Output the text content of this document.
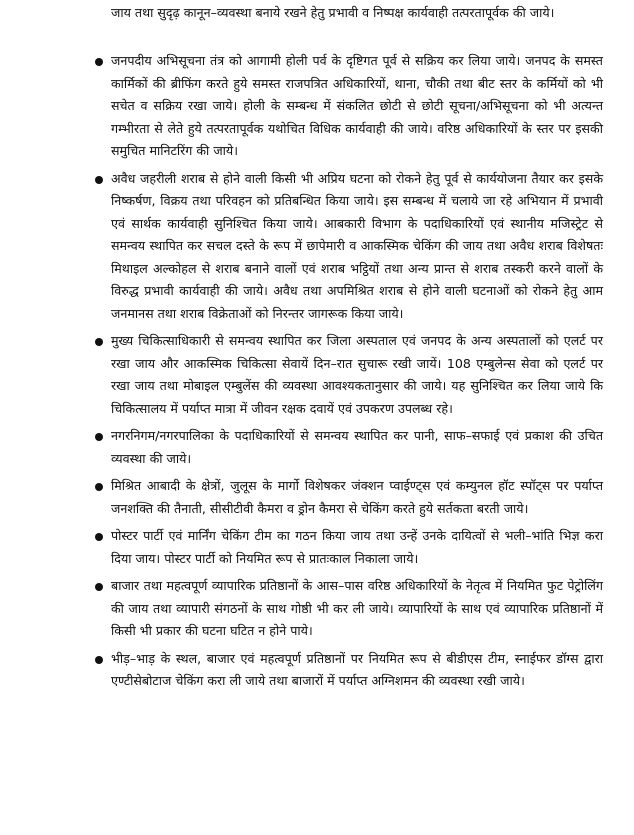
जाय तथा सुदृढ़ कानून–व्यवस्था बनाये रखने हेतु प्रभावी व निष्पक्ष कार्यवाही तत्परतापूर्वक की जाये।

जनपदीय अभिसूचना तंत्र को आगामी होली पर्व के दृष्टिगत पूर्व से सक्रिय कर लिया जाये। जनपद के समस्त कार्मिकों की ब्रीफिंग करते हुये समस्त राजपत्रित अधिकारियों, थाना, चौकी तथा बीट स्तर के कर्मियों को भी सचेत व सक्रिय रखा जाये। होली के सम्बन्ध में संकलित छोटी से छोटी सूचना/अभिसूचना को भी अत्यन्त गम्भीरता से लेते हुये तत्परतापूर्वक यथोचित विधिक कार्यवाही की जाये। वरिष्ठ अधिकारियों के स्तर पर इसकी समुचित मानिटरिंग की जाये।

अवैध जहरीली शराब से होने वाली किसी भी अप्रिय घटना को रोकने हेतु पूर्व से कार्ययोजना तैयार कर इसके निष्कर्षण, विक्रय तथा परिवहन को प्रतिबन्धित किया जाये। इस सम्बन्ध में चलाये जा रहे अभियान में प्रभावी एवं सार्थक कार्यवाही सुनिश्चित किया जाये। आबकारी विभाग के पदाधिकारियों एवं स्थानीय मजिस्ट्रेट से समन्वय स्थापित कर सचल दस्ते के रूप में छापेमारी व आकस्मिक चेकिंग की जाय तथा अवैध शराब विशेषतः मिथाइल अल्कोहल से शराब बनाने वालों एवं शराब भट्ठियों तथा अन्य प्रान्त से शराब तस्करी करने वालों के विरुद्ध प्रभावी कार्यवाही की जाये। अवैध तथा अपमिश्रित शराब से होने वाली घटनाओं को रोकने हेतु आम जनमानस तथा शराब विक्रेताओं को निरन्तर जागरूक किया जाये।

मुख्य चिकित्साधिकारी से समन्वय स्थापित कर जिला अस्पताल एवं जनपद के अन्य अस्पतालों को एलर्ट पर रखा जाय और आकस्मिक चिकित्सा सेवायें दिन–रात सुचारू रखी जायें। 108 एम्बुलेन्स सेवा को एलर्ट पर रखा जाय तथा मोबाइल एम्बुलेंस की व्यवस्था आवश्यकतानुसार की जाये। यह सुनिश्चित कर लिया जाये कि चिकित्सालय में पर्याप्त मात्रा में जीवन रक्षक दवायें एवं उपकरण उपलब्ध रहे।

नगरनिगम/नगरपालिका के पदाधिकारियों से समन्वय स्थापित कर पानी, साफ–सफाई एवं प्रकाश की उचित व्यवस्था की जाये।

मिश्रित आबादी के क्षेत्रों, जुलूस के मार्गो विशेषकर जंक्शन प्वाईण्ट्स एवं कम्युनल हॉट स्पॉट्स पर पर्याप्त जनशक्ति की तैनाती, सीसीटीवी कैमरा व ड्रोन कैमरा से चेकिंग करते हुये सर्तकता बरती जाये।

पोस्टर पार्टी एवं मार्निंग चेकिंग टीम का गठन किया जाय तथा उन्हें उनके दायित्वों से भली–भांति भिज्ञ करा दिया जाय। पोस्टर पार्टी को नियमित रूप से प्रातःकाल निकाला जाये।

बाजार तथा महत्वपूर्ण व्यापारिक प्रतिष्ठानों के आस–पास वरिष्ठ अधिकारियों के नेतृत्व में नियमित फुट पेट्रोलिंग की जाय तथा व्यापारी संगठनों के साथ गोष्ठी भी कर ली जाये। व्यापारियों के साथ एवं व्यापारिक प्रतिष्ठानों में किसी भी प्रकार की घटना घटित न होने पाये।

भीड़–भाड़ के स्थल, बाजार एवं महत्वपूर्ण प्रतिष्ठानों पर नियमित रूप से बीडीएस टीम, स्नाईफर डॉग्स द्वारा एण्टीसेबोटाज चेकिंग करा ली जाये तथा बाजारों में पर्याप्त अग्निशमन की व्यवस्था रखी जाये।
